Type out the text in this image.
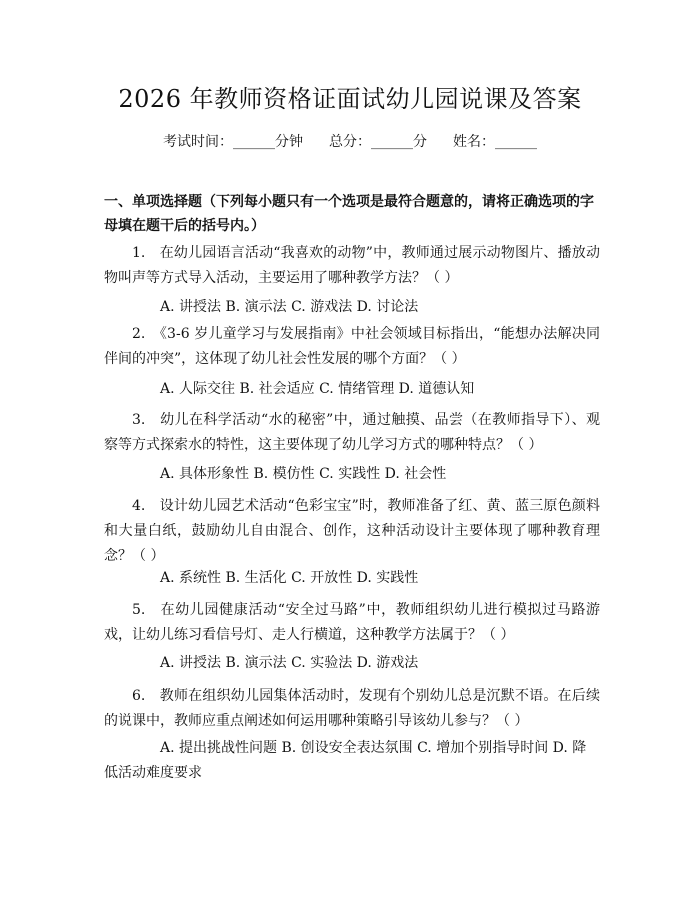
2026 年教师资格证面试幼儿园说课及答案
考试时间：______分钟 总分：______分 姓名：______
一、单项选择题（下列每小题只有一个选项是最符合题意的，请将正确选项的字母填在题干后的括号内。）
1.　在幼儿园语言活动“我喜欢的动物”中，教师通过展示动物图片、播放动物叫声等方式导入活动，主要运用了哪种教学方法？（ ）
A. 讲授法 B. 演示法 C. 游戏法 D. 讨论法
2.　《3-6 岁儿童学习与发展指南》中社会领域目标指出，“能想办法解决同伴间的冲突”，这体现了幼儿社会性发展的哪个方面？（ ）
A. 人际交往 B. 社会适应 C. 情绪管理 D. 道德认知
3.　幼儿在科学活动“水的秘密”中，通过触摸、品尝（在教师指导下）、观察等方式探索水的特性，这主要体现了幼儿学习方式的哪种特点？（ ）
A. 具体形象性 B. 模仿性 C. 实践性 D. 社会性
4.　设计幼儿园艺术活动“色彩宝宝”时，教师准备了红、黄、蓝三原色颜料和大量白纸，鼓励幼儿自由混合、创作，这种活动设计主要体现了哪种教育理念？（ ）
A. 系统性 B. 生活化 C. 开放性 D. 实践性
5.　在幼儿园健康活动“安全过马路”中，教师组织幼儿进行模拟过马路游戏，让幼儿练习看信号灯、走人行横道，这种教学方法属于？（ ）
A. 讲授法 B. 演示法 C. 实验法 D. 游戏法
6.　教师在组织幼儿园集体活动时，发现有个别幼儿总是沉默不语。在后续的说课中，教师应重点阐述如何运用哪种策略引导该幼儿参与？（ ）
A. 提出挑战性问题 B. 创设安全表达氛围 C. 增加个别指导时间 D. 降低活动难度要求
